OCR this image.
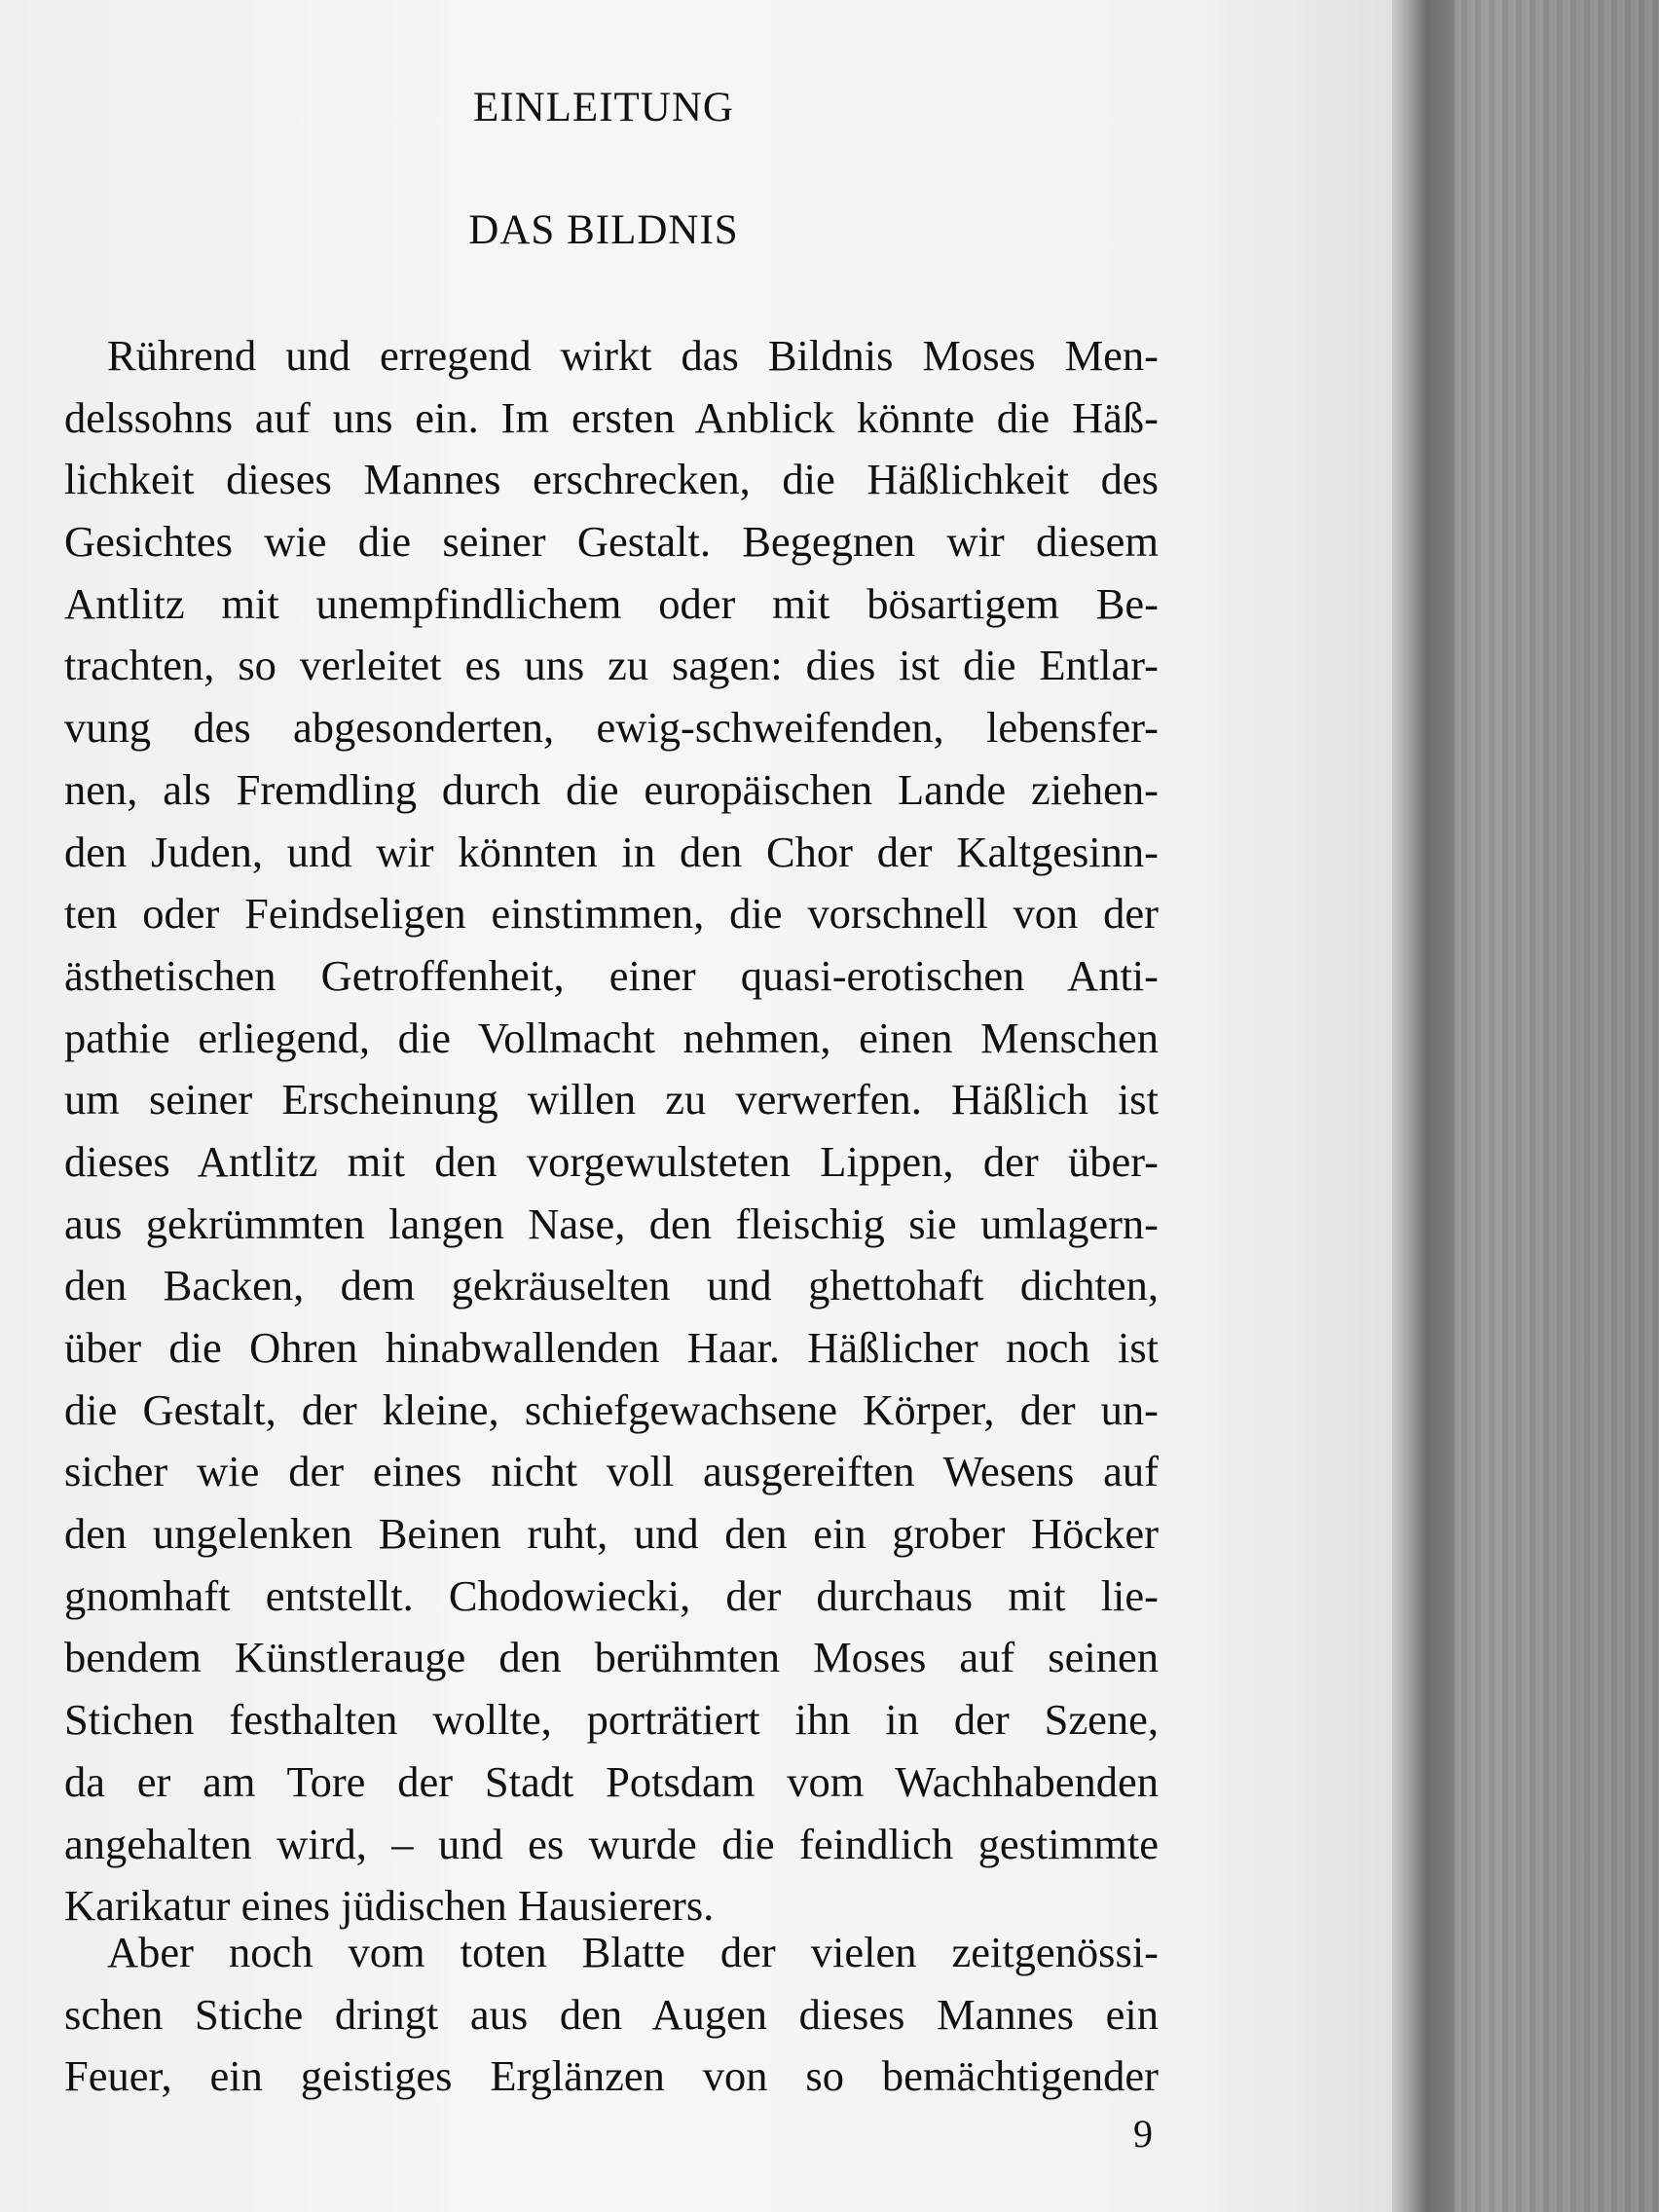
EINLEITUNG
DAS BILDNIS
Rührend und erregend wirkt das Bildnis Moses Men-
delssohns auf uns ein. Im ersten Anblick könnte die Häß-
lichkeit dieses Mannes erschrecken, die Häßlichkeit des
Gesichtes wie die seiner Gestalt. Begegnen wir diesem
Antlitz mit unempfindlichem oder mit bösartigem Be-
trachten, so verleitet es uns zu sagen: dies ist die Entlar-
vung des abgesonderten, ewig-schweifenden, lebensfer-
nen, als Fremdling durch die europäischen Lande ziehen-
den Juden, und wir könnten in den Chor der Kaltgesinn-
ten oder Feindseligen einstimmen, die vorschnell von der
ästhetischen Getroffenheit, einer quasi-erotischen Anti-
pathie erliegend, die Vollmacht nehmen, einen Menschen
um seiner Erscheinung willen zu verwerfen. Häßlich ist
dieses Antlitz mit den vorgewulsteten Lippen, der über-
aus gekrümmten langen Nase, den fleischig sie umlagern-
den Backen, dem gekräuselten und ghettohaft dichten,
über die Ohren hinabwallenden Haar. Häßlicher noch ist
die Gestalt, der kleine, schiefgewachsene Körper, der un-
sicher wie der eines nicht voll ausgereiften Wesens auf
den ungelenken Beinen ruht, und den ein grober Höcker
gnomhaft entstellt. Chodowiecki, der durchaus mit lie-
bendem Künstlerauge den berühmten Moses auf seinen
Stichen festhalten wollte, porträtiert ihn in der Szene,
da er am Tore der Stadt Potsdam vom Wachhabenden
angehalten wird, – und es wurde die feindlich gestimmte
Karikatur eines jüdischen Hausierers.
Aber noch vom toten Blatte der vielen zeitgenössi-
schen Stiche dringt aus den Augen dieses Mannes ein
Feuer, ein geistiges Erglänzen von so bemächtigender
9
